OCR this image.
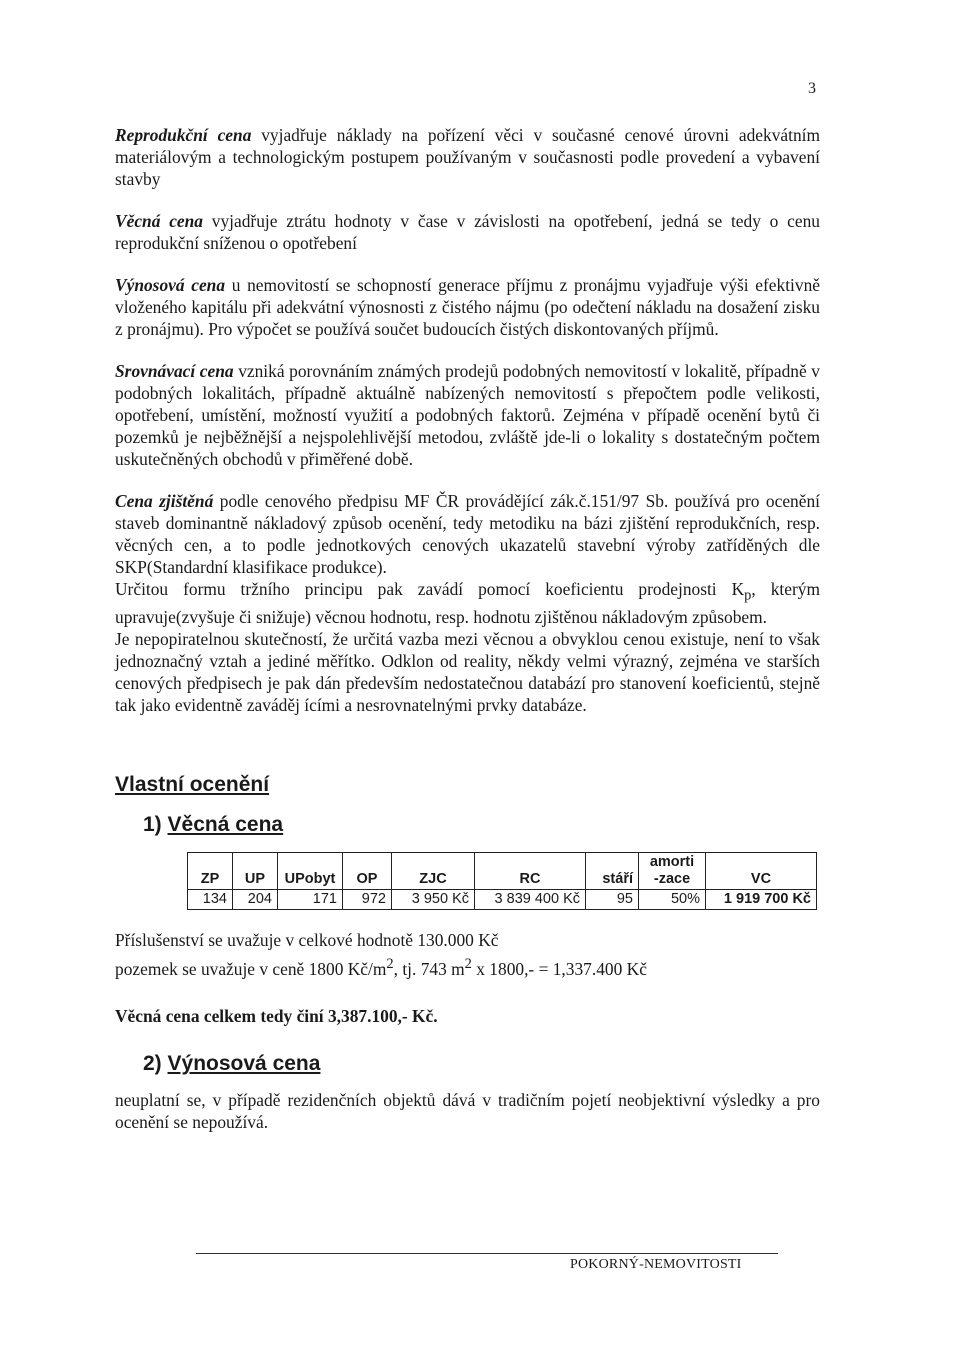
3

Reprodukční cena vyjadřuje náklady na pořízení věci v současné cenové úrovni adekvátním materiálovým a technologickým postupem používaným v současnosti podle provedení a vybavení stavby

Věcná cena vyjadřuje ztrátu hodnoty v čase v závislosti na opotřebení, jedná se tedy o cenu reprodukční sníženou o opotřebení

Výnosová cena u nemovitostí se schopností generace příjmu z pronájmu vyjadřuje výši efektivně vloženého kapitálu při adekvátní výnosnosti z čistého nájmu (po odečtení nákladu na dosažení zisku z pronájmu). Pro výpočet se používá součet budoucích čistých diskontovaných příjmů.

Srovnávací cena vzniká porovnáním známých prodejů podobných nemovitostí v lokalitě, případně v podobných lokalitách, případně aktuálně nabízených nemovitostí s přepočtem podle velikosti, opotřebení, umístění, možností využití a podobných faktorů. Zejména v případě ocenění bytů či pozemků je nejběžnější a nejspolehlivější metodou, zvláště jde-li o lokality s dostatečným počtem uskutečněných obchodů v přiměřené době.

Cena zjištěná podle cenového předpisu MF ČR provádějící zák.č.151/97 Sb. používá pro ocenění staveb dominantně nákladový způsob ocenění, tedy metodiku na bázi zjištění reprodukčních, resp. věcných cen, a to podle jednotkových cenových ukazatelů stavební výroby zatříděných dle SKP(Standardní klasifikace produkce).

Určitou formu tržního principu pak zavádí pomocí koeficientu prodejnosti $K_p$, kterým upravuje(zvyšuje či snižuje) věcnou hodnotu, resp. hodnotu zjištěnou nákladovým způsobem.

Je nepopiratelnou skutečností, že určitá vazba mezi věcnou a obvyklou cenou existuje, není to však jednoznačný vztah a jediné měřítko. Odklon od reality, někdy velmi výrazný, zejména ve starších cenových předpisech je pak dán především nedostatečnou databází pro stanovení koeficientů, stejně tak jako evidentně zaváděj ícími a nesrovnatelnými prvky databáze.

Vlastní ocenění
1) Věcná cena
ZP	UP	UPobyt	OP	ZJC	RC	stáří	amorti
-zace	VC
134	204	171	972	3 950 Kč	3 839 400 Kč	95	50%	1 919 700 Kč

Příslušenství se uvažuje v celkové hodnotě 130.000 Kč

pozemek se uvažuje v ceně 1800 $Kč/m^2$, tj. 743 $m^2$ x 1800,- = 1,337.400 Kč

Věcná cena celkem tedy činí 3,387.100,- Kč.

2) Výnosová cena

neuplatní se, v případě rezidenčních objektů dává v tradičním pojetí neobjektivní výsledky a pro ocenění se nepoužívá.

POKORNÝ-NEMOVITOSTI
